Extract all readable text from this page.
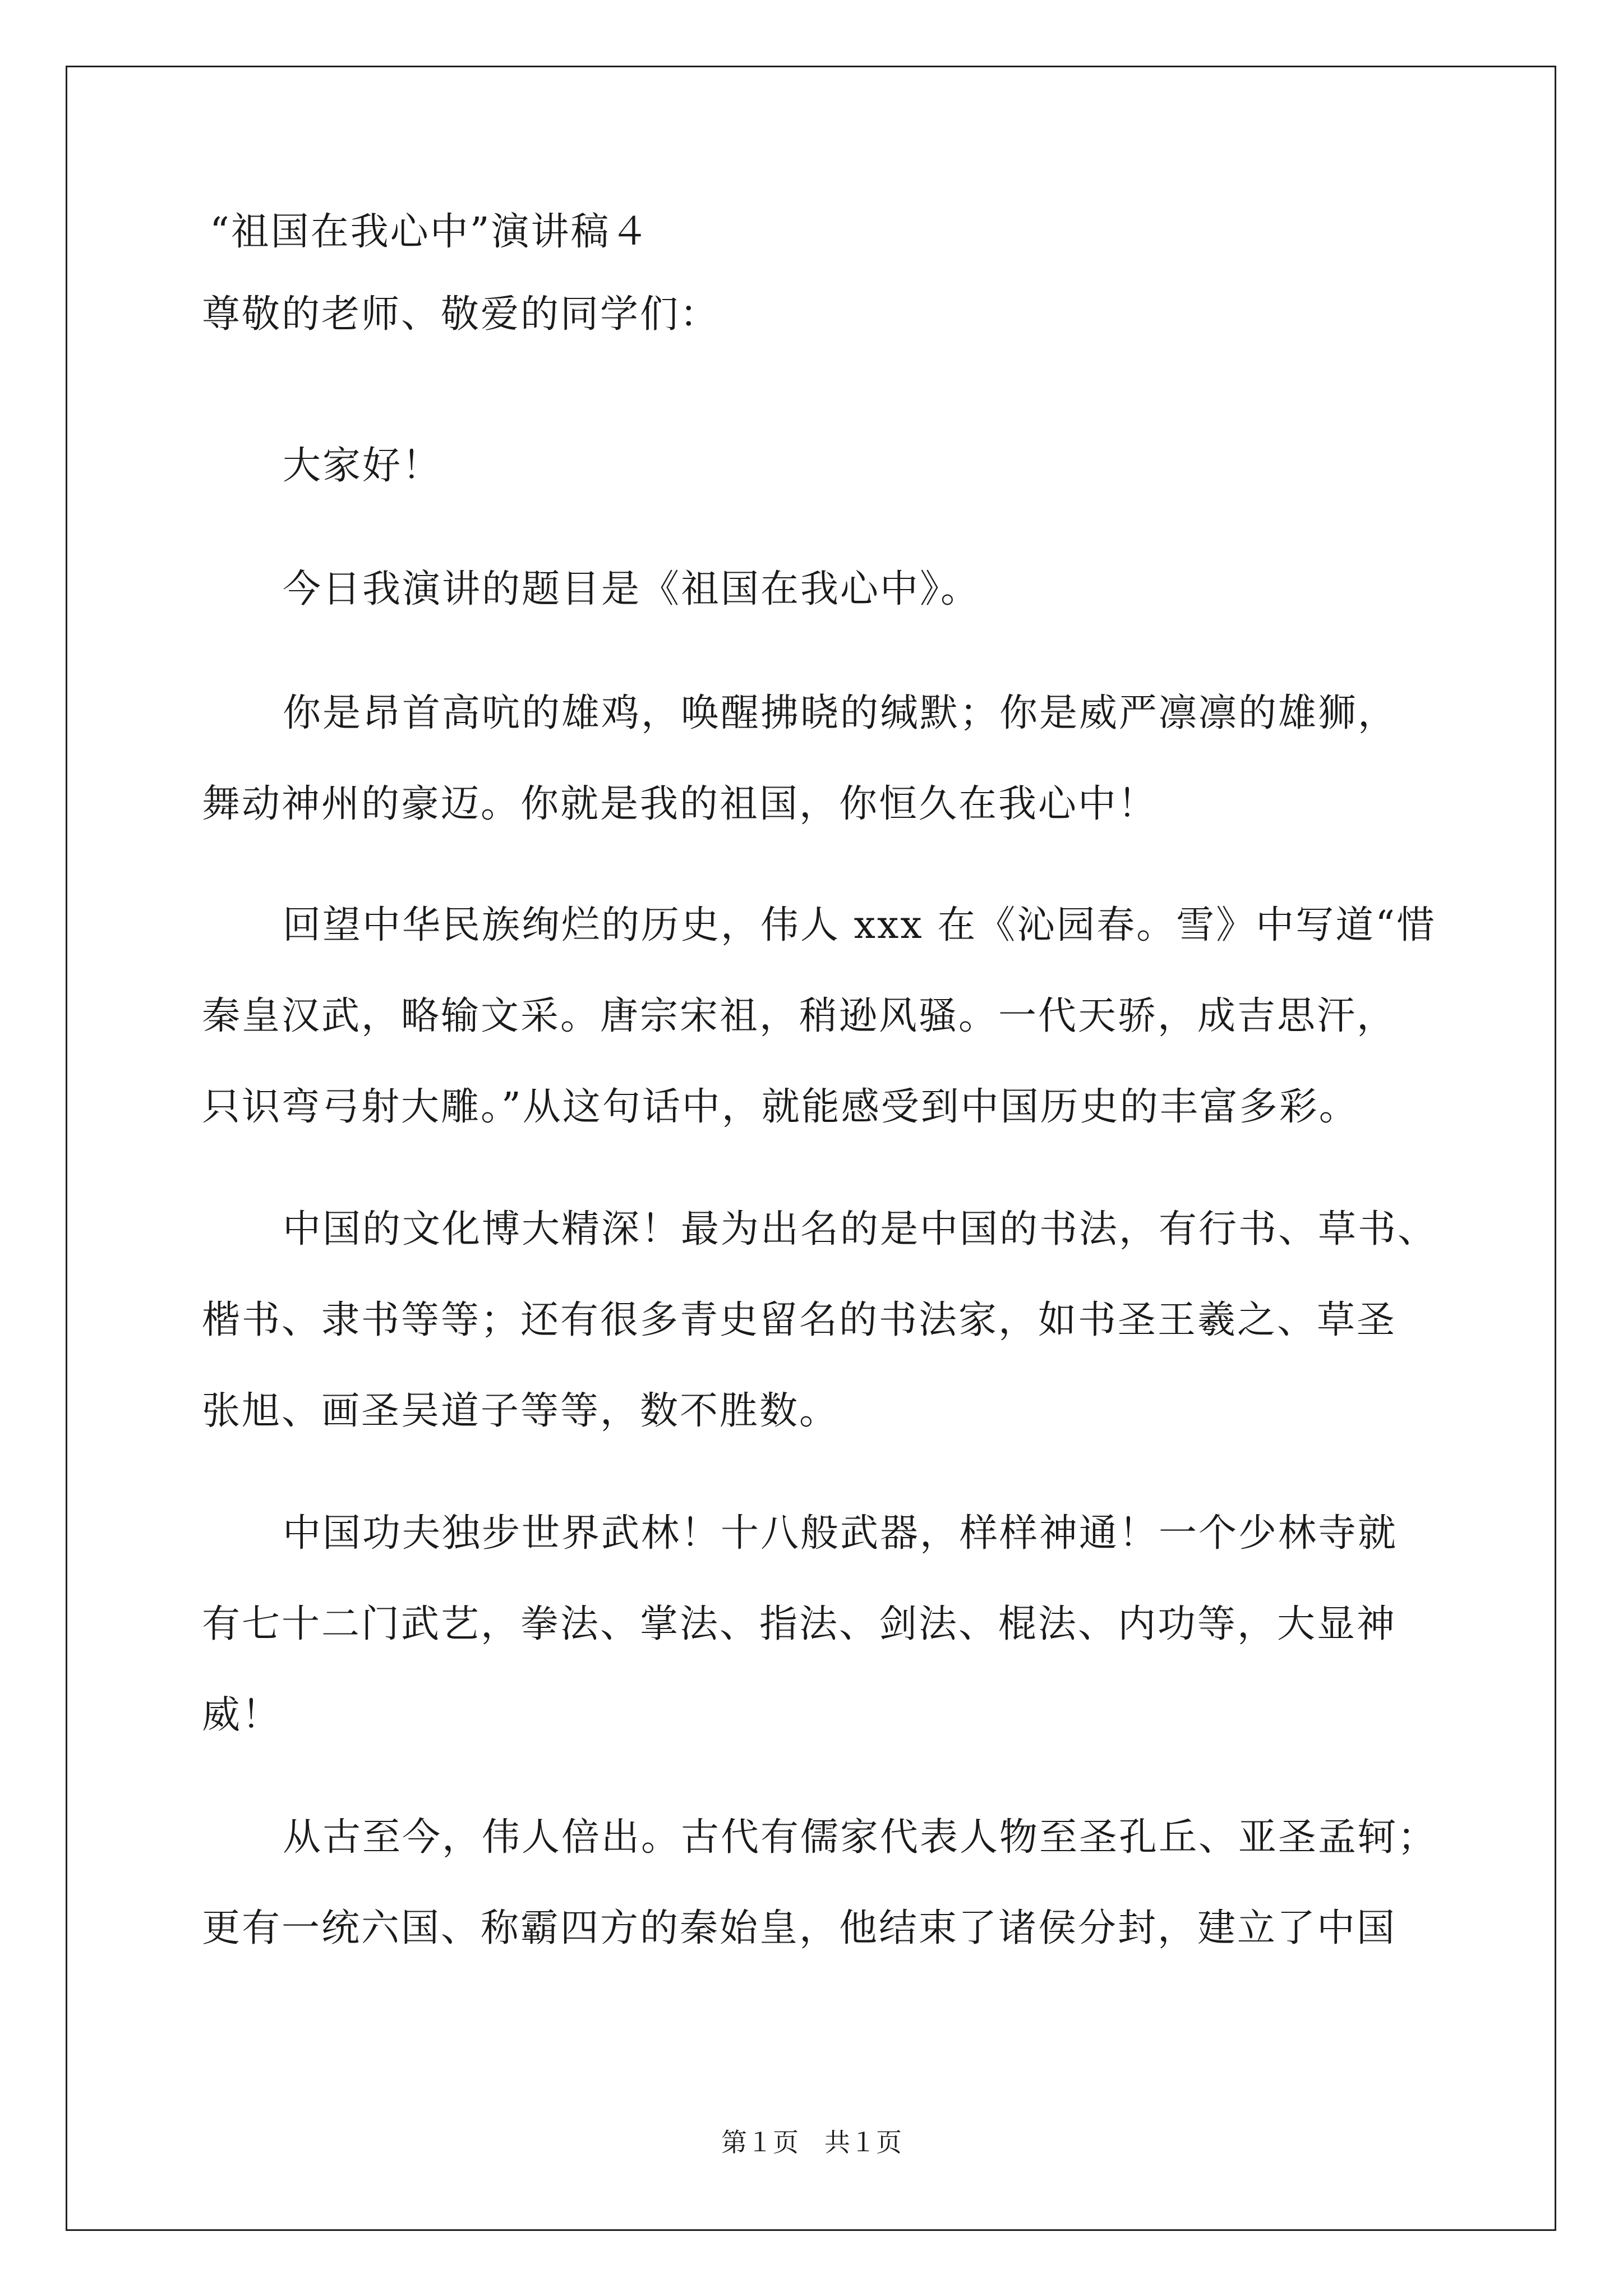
“祖国在我心中”演讲稿４
尊敬的老师、敬爱的同学们：
大家好！
今日我演讲的题目是《祖国在我心中》。
你是昂首高吭的雄鸡，唤醒拂晓的缄默；你是威严凛凛的雄狮，
舞动神州的豪迈。你就是我的祖国，你恒久在我心中！
回望中华民族绚烂的历史，伟人 xxx 在《沁园春。雪》中写道“惜
秦皇汉武，略输文采。唐宗宋祖，稍逊风骚。一代天骄，成吉思汗，
只识弯弓射大雕。”从这句话中，就能感受到中国历史的丰富多彩。
中国的文化博大精深！最为出名的是中国的书法，有行书、草书、
楷书、隶书等等；还有很多青史留名的书法家，如书圣王羲之、草圣
张旭、画圣吴道子等等，数不胜数。
中国功夫独步世界武林！十八般武器，样样神通！一个少林寺就
有七十二门武艺，拳法、掌法、指法、剑法、棍法、内功等，大显神
威！
从古至今，伟人倍出。古代有儒家代表人物至圣孔丘、亚圣孟轲；
更有一统六国、称霸四方的秦始皇，他结束了诸侯分封，建立了中国
第１页　共１页
